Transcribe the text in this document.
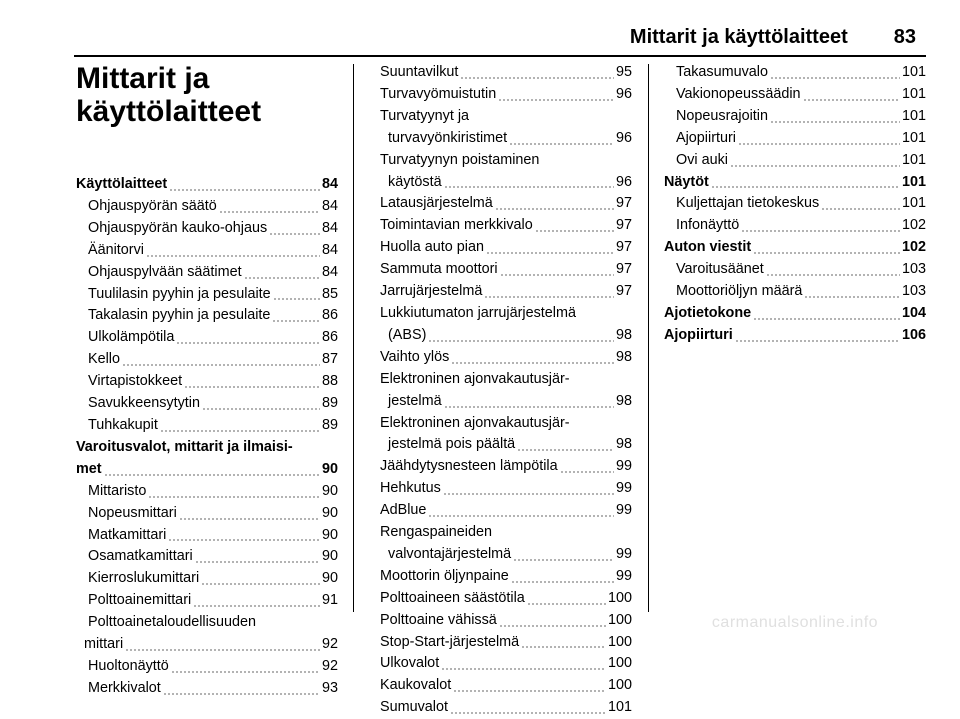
Mittarit ja käyttölaitteet 83
Mittarit ja
käyttölaitteet
Käyttölaitteet	84
Ohjauspyörän säätö	84
Ohjauspyörän kauko-ohjaus	84
Äänitorvi	84
Ohjauspylvään säätimet	84
Tuulilasin pyyhin ja pesulaite	85
Takalasin pyyhin ja pesulaite	86
Ulkolämpötila	86
Kello	87
Virtapistokkeet	88
Savukkeensytytin	89
Tuhkakupit	89
Varoitusvalot, mittarit ja ilmaisi-
met	90
Mittaristo	90
Nopeusmittari	90
Matkamittari	90
Osamatkamittari	90
Kierroslukumittari	90
Polttoainemittari	91
Polttoainetaloudellisuuden
mittari	92
Huoltonäyttö	92
Merkkivalot	93
Suuntavilkut	95
Turvavyömuistutin	96
Turvatyynyt ja
turvavyönkiristimet	96
Turvatyynyn poistaminen
käytöstä	96
Latausjärjestelmä	97
Toimintavian merkkivalo	97
Huolla auto pian	97
Sammuta moottori	97
Jarrujärjestelmä	97
Lukkiutumaton jarrujärjestelmä
(ABS)	98
Vaihto ylös	98
Elektroninen ajonvakautusjär-
jestelmä	98
Elektroninen ajonvakautusjär-
jestelmä pois päältä	98
Jäähdytysnesteen lämpötila	99
Hehkutus	99
AdBlue	99
Rengaspaineiden
valvontajärjestelmä	99
Moottorin öljynpaine	99
Polttoaineen säästötila	100
Polttoaine vähissä	100
Stop-Start-järjestelmä	100
Ulkovalot	100
Kaukovalot	100
Sumuvalot	101
Takasumuvalo	101
Vakionopeussäädin	101
Nopeusrajoitin	101
Ajopiirturi	101
Ovi auki	101
Näytöt	101
Kuljettajan tietokeskus	101
Infonäyttö	102
Auton viestit	102
Varoitusäänet	103
Moottoriöljyn määrä	103
Ajotietokone	104
Ajopiirturi	106
carmanualsonline.info
